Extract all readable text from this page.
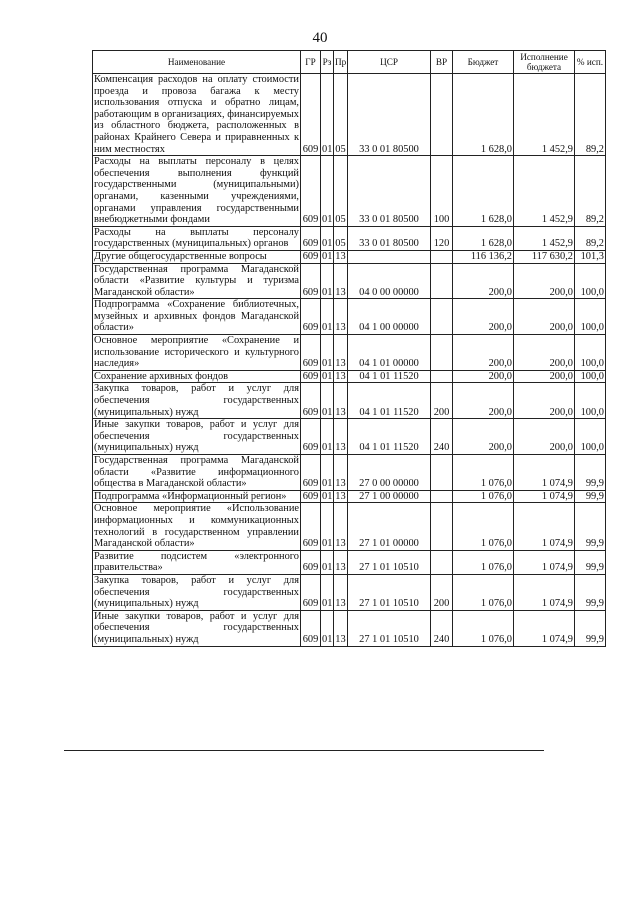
40
Наименование	ГР	Рз	Пр	ЦСР	ВР	Бюджет	Исполнение бюджета	% исп.
Компенсация расходов на оплату стоимости проезда и провоза багажа к месту использования отпуска и обратно лицам, работающим в организациях, финансируемых из областного бюджета, расположенных в районах Крайнего Севера и приравненных к ним местностях	609	01	05	33 0 01 80500		1 628,0	1 452,9	89,2
Расходы на выплаты персоналу в целях обеспечения выполнения функций государственными (муниципальными) органами, казенными учреждениями, органами управления государственными внебюджетными фондами	609	01	05	33 0 01 80500	100	1 628,0	1 452,9	89,2
Расходы на выплаты персоналу государственных (муниципальных) органов	609	01	05	33 0 01 80500	120	1 628,0	1 452,9	89,2
Другие общегосударственные вопросы	609	01	13			116 136,2	117 630,2	101,3
Государственная программа Магаданской области «Развитие культуры и туризма Магаданской области»	609	01	13	04 0 00 00000		200,0	200,0	100,0
Подпрограмма «Сохранение библиотечных, музейных и архивных фондов Магаданской области»	609	01	13	04 1 00 00000		200,0	200,0	100,0
Основное мероприятие «Сохранение и использование исторического и культурного наследия»	609	01	13	04 1 01 00000		200,0	200,0	100,0
Сохранение архивных фондов	609	01	13	04 1 01 11520		200,0	200,0	100,0
Закупка товаров, работ и услуг для обеспечения государственных (муниципальных) нужд	609	01	13	04 1 01 11520	200	200,0	200,0	100,0
Иные закупки товаров, работ и услуг для обеспечения государственных (муниципальных) нужд	609	01	13	04 1 01 11520	240	200,0	200,0	100,0
Государственная программа Магаданской области «Развитие информационного общества в Магаданской области»	609	01	13	27 0 00 00000		1 076,0	1 074,9	99,9
Подпрограмма «Информационный регион»	609	01	13	27 1 00 00000		1 076,0	1 074,9	99,9
Основное мероприятие «Использование информационных и коммуникационных технологий в государственном управлении Магаданской области»	609	01	13	27 1 01 00000		1 076,0	1 074,9	99,9
Развитие подсистем «электронного правительства»	609	01	13	27 1 01 10510		1 076,0	1 074,9	99,9
Закупка товаров, работ и услуг для обеспечения государственных (муниципальных) нужд	609	01	13	27 1 01 10510	200	1 076,0	1 074,9	99,9
Иные закупки товаров, работ и услуг для обеспечения государственных (муниципальных) нужд	609	01	13	27 1 01 10510	240	1 076,0	1 074,9	99,9
